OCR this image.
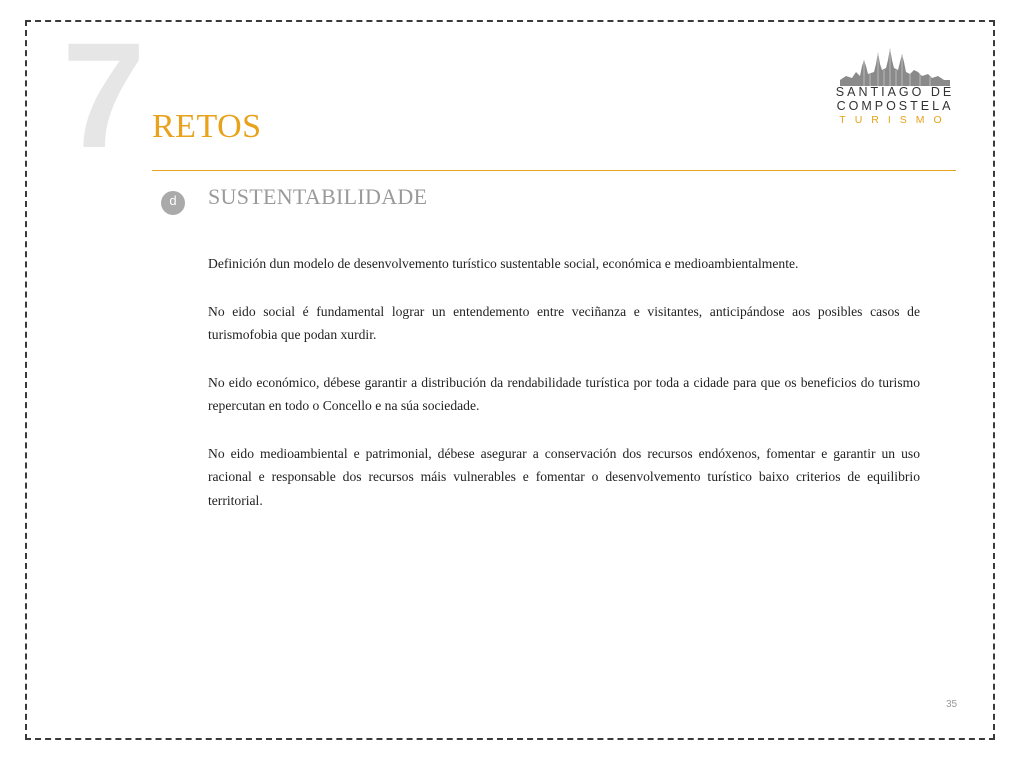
7 RETOS
SANTIAGO DE
COMPOSTELA
TURISMO
d	SUSTENTABILIDADE

Definición dun modelo de desenvolvemento turístico sustentable social, económica e medioambientalmente.

No eido social é fundamental lograr un entendemento entre veciñanza e visitantes, anticipándose aos posibles casos de turismofobia que podan xurdir.

No eido económico, débese garantir a distribución da rendabilidade turística por toda a cidade para que os beneficios do turismo repercutan en todo o Concello e na súa sociedade.

No eido medioambiental e patrimonial, débese asegurar a conservación dos recursos endóxenos, fomentar e garantir un uso racional e responsable dos recursos máis vulnerables e fomentar o desenvolvemento turístico baixo criterios de equilibrio territorial.

35
